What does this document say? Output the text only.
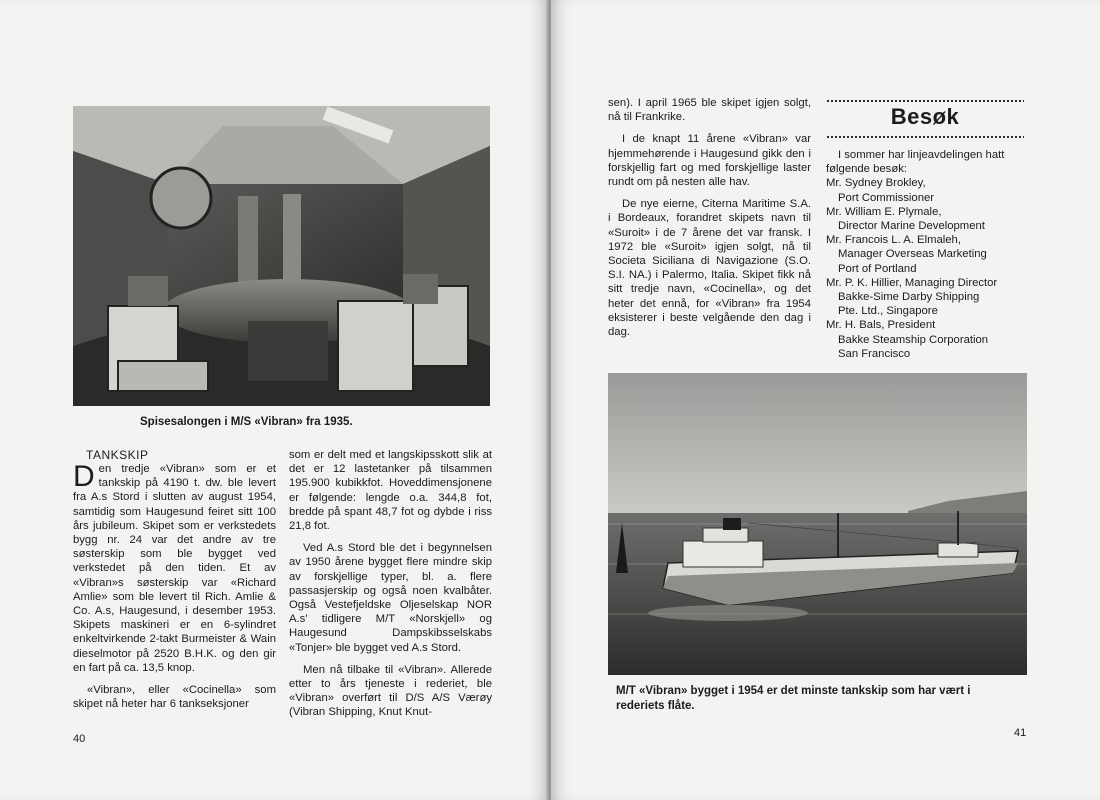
Spisesalongen i M/S «Vibran» fra 1935.
TANKSKIP

Den tredje «Vibran» som er et tankskip på 4190 t. dw. ble levert fra A.s Stord i slutten av august 1954, samtidig som Haugesund feiret sitt 100 års jubileum. Skipet som er verkstedets bygg nr. 24 var det andre av tre søsterskip som ble bygget ved verkstedet på den tiden. Et av «Vibran»s søsterskip var «Richard Amlie» som ble levert til Rich. Amlie & Co. A.s, Haugesund, i desember 1953. Skipets maskineri er en 6-sylindret enkeltvirkende 2-takt Burmeister & Wain dieselmotor på 2520 B.H.K. og den gir en fart på ca. 13,5 knop.

«Vibran», eller «Cocinella» som skipet nå heter har 6 tankseksjoner

som er delt med et langskipsskott slik at det er 12 lastetanker på tilsammen 195.900 kubikkfot. Hoveddimensjonene er følgende: lengde o.a. 344,8 fot, bredde på spant 48,7 fot og dybde i riss 21,8 fot.

Ved A.s Stord ble det i begynnelsen av 1950 årene bygget flere mindre skip av forskjellige typer, bl. a. flere passasjerskip og også noen kvalbåter. Også Vestefjeldske Oljeselskap NOR A.s' tidligere M/T «Norskjell» og Haugesund Dampskibsselskabs «Tonjer» ble bygget ved A.s Stord.

Men nå tilbake til «Vibran». Allerede etter to års tjeneste i rederiet, ble «Vibran» overført til D/S A/S Værøy (Vibran Shipping, Knut Knut-

40

sen). I april 1965 ble skipet igjen solgt, nå til Frankrike.

I de knapt 11 årene «Vibran» var hjemmehørende i Haugesund gikk den i forskjellig fart og med forskjellige laster rundt om på nesten alle hav.

De nye eierne, Citerna Maritime S.A. i Bordeaux, forandret skipets navn til «Suroit» i de 7 årene det var fransk. I 1972 ble «Suroit» igjen solgt, nå til Societa Siciliana di Navigazione (S.O. S.I. NA.) i Palermo, Italia. Skipet fikk nå sitt tredje navn, «Cocinella», og det heter det ennå, for «Vibran» fra 1954 eksisterer i beste velgående den dag i dag.

Besøk

I sommer har linjeavdelingen hatt følgende besøk:

Mr. Sydney Brokley,

Port Commissioner

Mr. William E. Plymale,

Director Marine Development

Mr. Francois L. A. Elmaleh,

Manager Overseas Marketing

Port of Portland

Mr. P. K. Hillier, Managing Director

Bakke-Sime Darby Shipping

Pte. Ltd., Singapore

Mr. H. Bals, President

Bakke Steamship Corporation

San Francisco

M/T «Vibran» bygget i 1954 er det minste tankskip som har vært i rederiets flåte.
41
